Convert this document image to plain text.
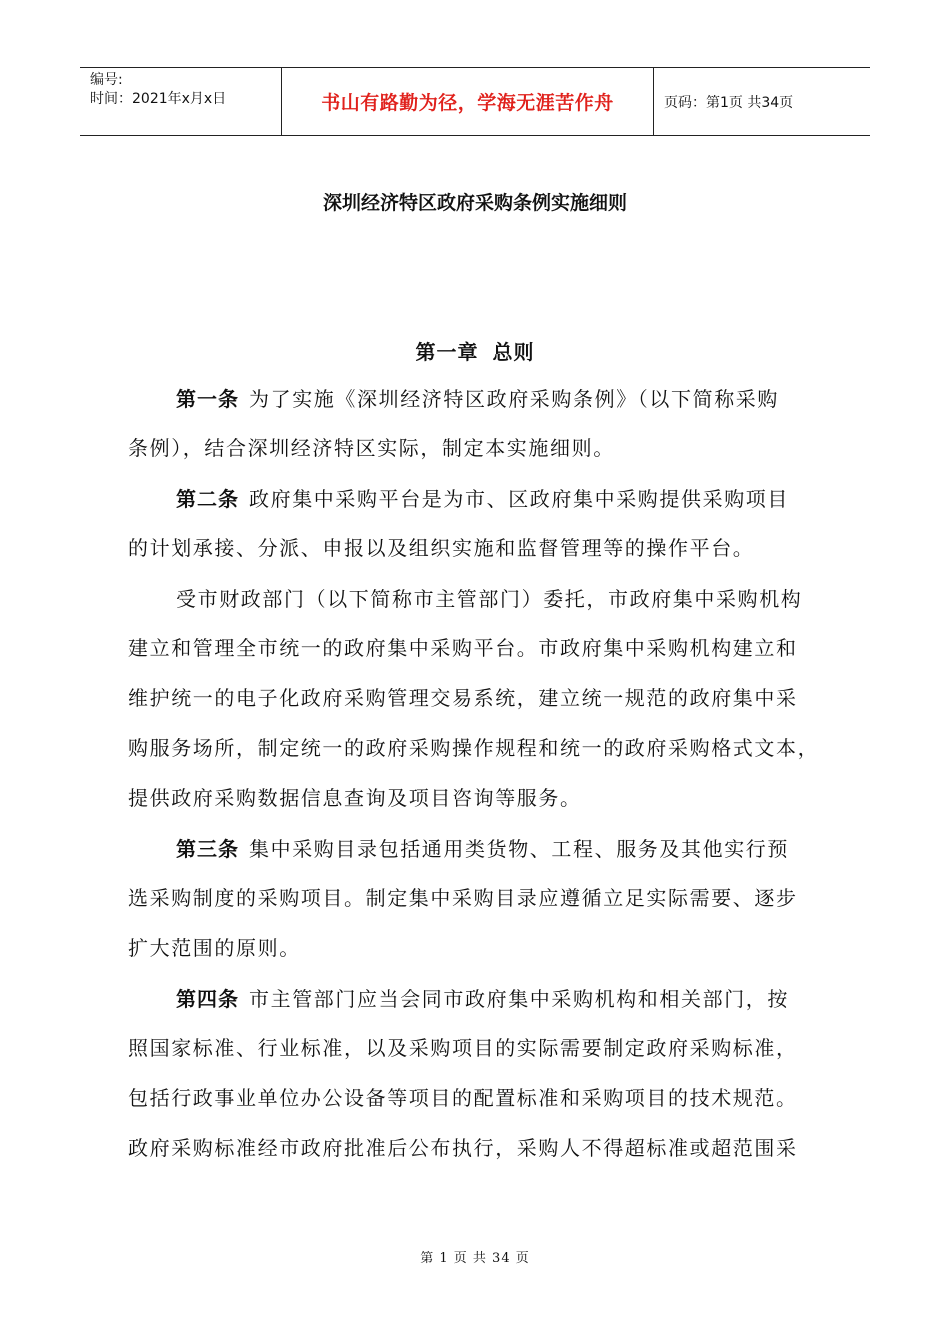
编号:
时间：2021年x月x日	书山有路勤为径，学海无涯苦作舟	页码：第1页 共34页
深圳经济特区政府采购条例实施细则
第一章 总则
第一条 为了实施《深圳经济特区政府采购条例》（以下简称采购
条例），结合深圳经济特区实际，制定本实施细则。
第二条 政府集中采购平台是为市、区政府集中采购提供采购项目
的计划承接、分派、申报以及组织实施和监督管理等的操作平台。
受市财政部门（以下简称市主管部门）委托，市政府集中采购机构
建立和管理全市统一的政府集中采购平台。市政府集中采购机构建立和
维护统一的电子化政府采购管理交易系统，建立统一规范的政府集中采
购服务场所，制定统一的政府采购操作规程和统一的政府采购格式文本，
提供政府采购数据信息查询及项目咨询等服务。
第三条 集中采购目录包括通用类货物、工程、服务及其他实行预
选采购制度的采购项目。制定集中采购目录应遵循立足实际需要、逐步
扩大范围的原则。
第四条 市主管部门应当会同市政府集中采购机构和相关部门，按
照国家标准、行业标准，以及采购项目的实际需要制定政府采购标准，
包括行政事业单位办公设备等项目的配置标准和采购项目的技术规范。
政府采购标准经市政府批准后公布执行，采购人不得超标准或超范围采
第 1 页 共 34 页
